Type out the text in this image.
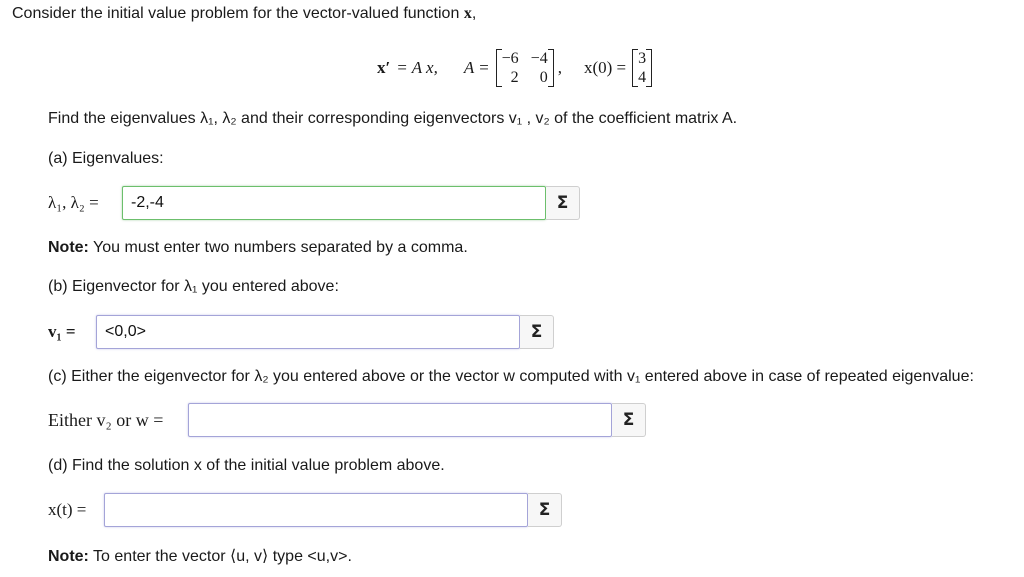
Consider the initial value problem for the vector-valued function x,
x′ = A x, A = −6	−4
2	0
, x(0) = 3
4
Find the eigenvalues λ₁, λ₂ and their corresponding eigenvectors v₁ , v₂ of the coefficient matrix A.
(a) Eigenvalues:
λ₁, λ₂ =	-2,-4	Σ
Note: You must enter two numbers separated by a comma.
(b) Eigenvector for λ₁ you entered above:
v₁ =	<0,0>	Σ
(c) Either the eigenvector for λ₂ you entered above or the vector w computed with v₁ entered above in case of repeated eigenvalue:
Either v₂ or w =	Σ
(d) Find the solution x of the initial value problem above.
x(t) =	Σ
Note: To enter the vector ⟨u, v⟩ type <u,v>.
